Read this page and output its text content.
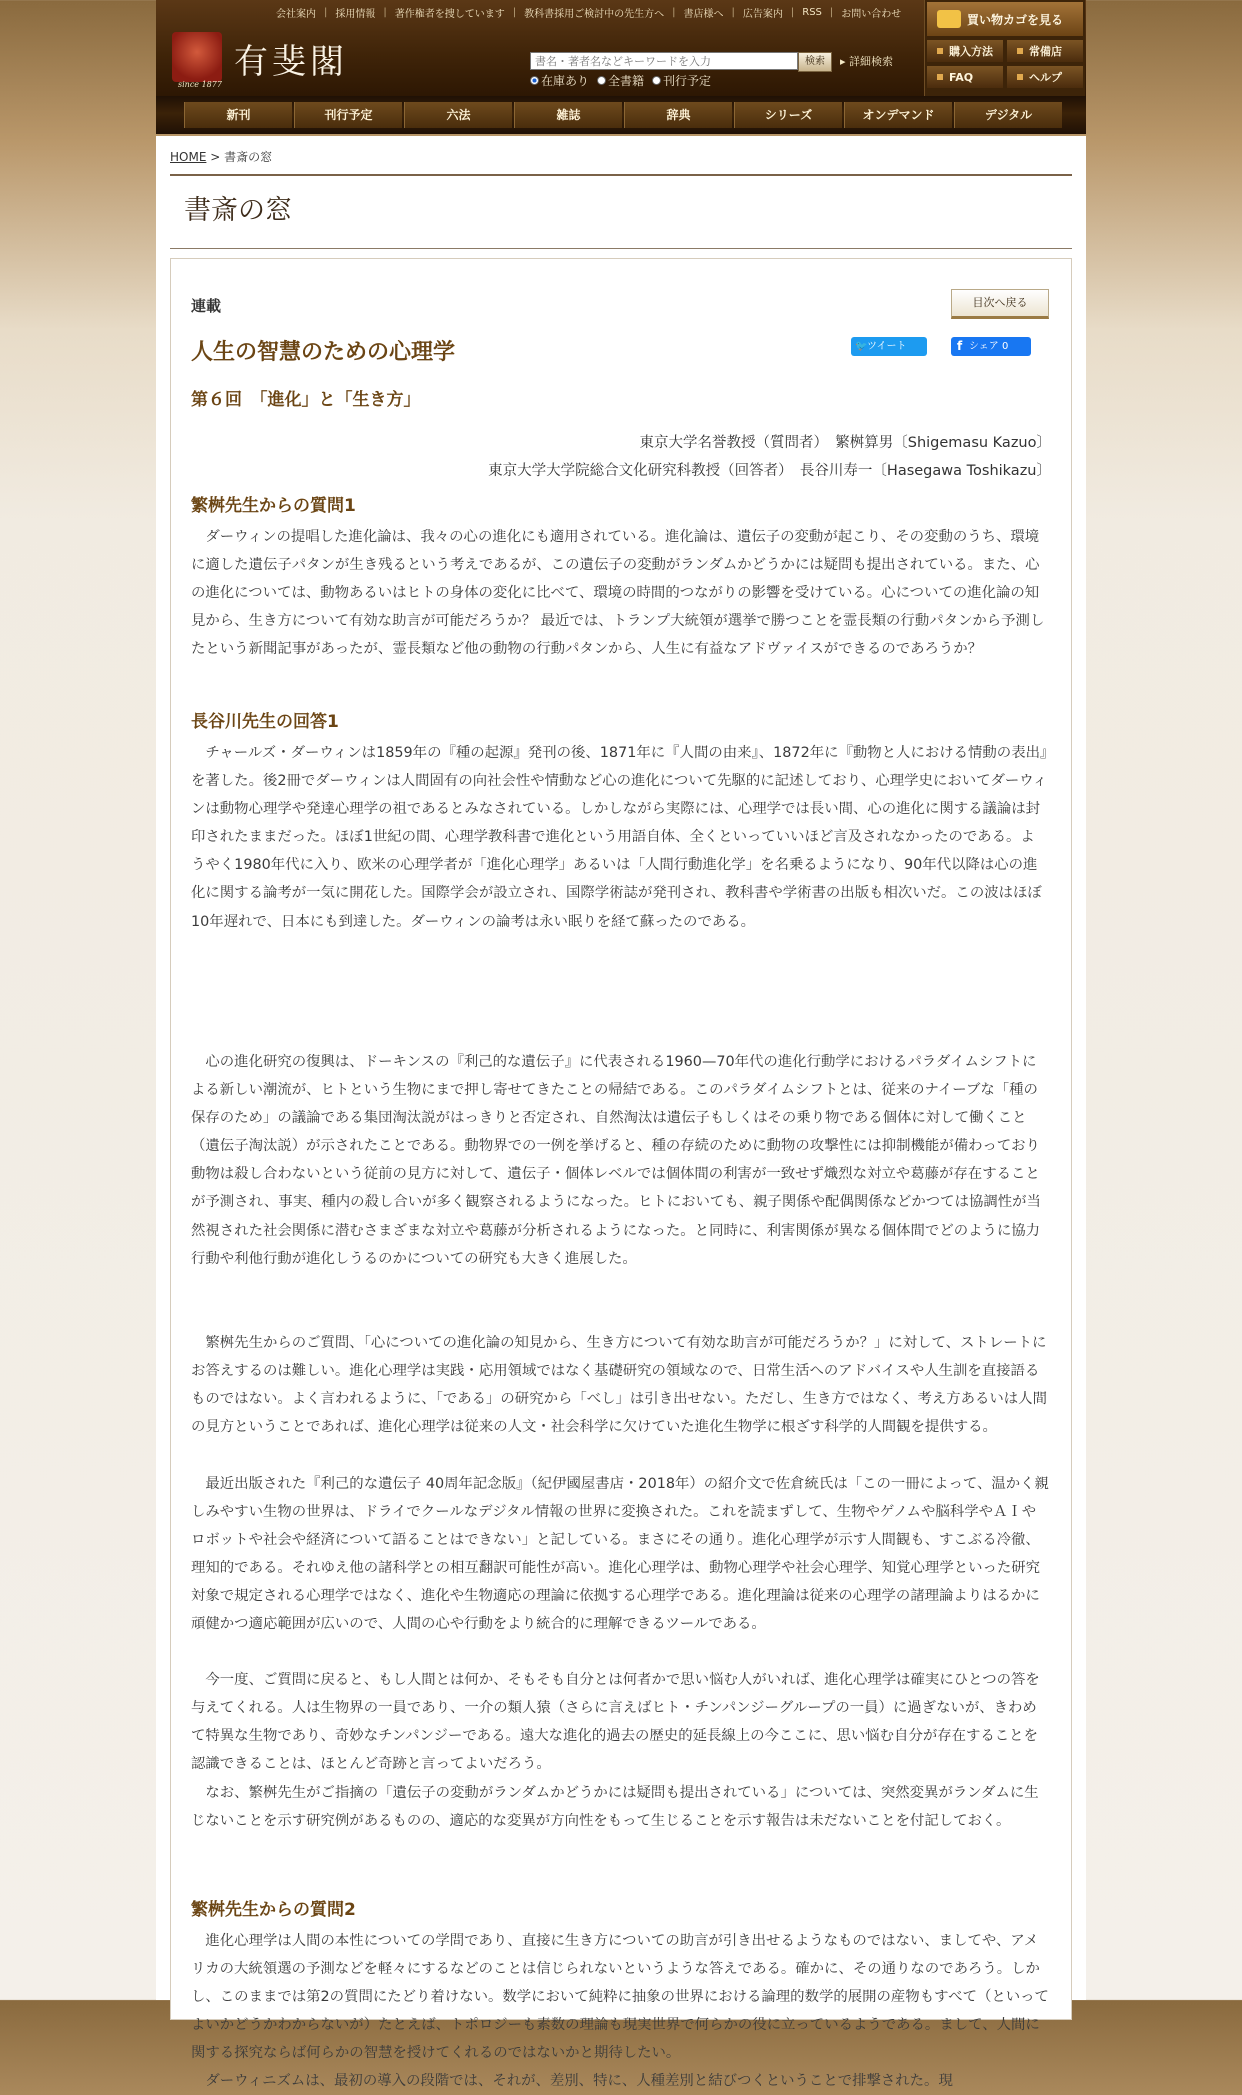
会社案内 | 採用情報 | 著作権者を捜しています | 教科書採用ご検討中の先生方へ | 書店様へ | 広告案内 | RSS | お問い合わせ
since 1877
有斐閣
書名・著者名などキーワードを入力	検索	▸ 詳細検索
在庫あり 全書籍 刊行予定
買い物カゴを見る
購入方法	常備店
FAQ	ヘルプ
新刊	刊行予定	六法	雑誌	辞典	シリーズ	オンデマンド	デジタル
HOME > 書斎の窓
書斎の窓
連載	目次へ戻る
人生の智慧のための心理学	🐦 ツイート	f シェア 0
第６回　「進化」と「生き方」
東京大学名誉教授（質問者）　繁桝算男〔Shigemasu Kazuo〕
東京大学大学院総合文化研究科教授（回答者）　長谷川寿一〔Hasegawa Toshikazu〕
繁桝先生からの質問1

ダーウィンの提唱した進化論は、我々の心の進化にも適用されている。進化論は、遺伝子の変動が起こり、その変動のうち、環境に適した遺伝子パタンが生き残るという考えであるが、この遺伝子の変動がランダムかどうかには疑問も提出されている。また、心の進化については、動物あるいはヒトの身体の変化に比べて、環境の時間的つながりの影響を受けている。心についての進化論の知見から、生き方について有効な助言が可能だろうか？ 最近では、トランプ大統領が選挙で勝つことを霊長類の行動パタンから予測したという新聞記事があったが、霊長類など他の動物の行動パタンから、人生に有益なアドヴァイスができるのであろうか？

長谷川先生の回答1

チャールズ・ダーウィンは1859年の『種の起源』発刊の後、1871年に『人間の由来』、1872年に『動物と人における情動の表出』を著した。後2冊でダーウィンは人間固有の向社会性や情動など心の進化について先駆的に記述しており、心理学史においてダーウィンは動物心理学や発達心理学の祖であるとみなされている。しかしながら実際には、心理学では長い間、心の進化に関する議論は封印されたままだった。ほぼ1世紀の間、心理学教科書で進化という用語自体、全くといっていいほど言及されなかったのである。ようやく1980年代に入り、欧米の心理学者が「進化心理学」あるいは「人間行動進化学」を名乗るようになり、90年代以降は心の進化に関する論考が一気に開花した。国際学会が設立され、国際学術誌が発刊され、教科書や学術書の出版も相次いだ。この波はほぼ10年遅れで、日本にも到達した。ダーウィンの論考は永い眠りを経て蘇ったのである。

心の進化研究の復興は、ドーキンスの『利己的な遺伝子』に代表される1960—70年代の進化行動学におけるパラダイムシフトによる新しい潮流が、ヒトという生物にまで押し寄せてきたことの帰結である。このパラダイムシフトとは、従来のナイーブな「種の保存のため」の議論である集団淘汰説がはっきりと否定され、自然淘汰は遺伝子もしくはその乗り物である個体に対して働くこと（遺伝子淘汰説）が示されたことである。動物界での一例を挙げると、種の存続のために動物の攻撃性には抑制機能が備わっており動物は殺し合わないという従前の見方に対して、遺伝子・個体レベルでは個体間の利害が一致せず熾烈な対立や葛藤が存在することが予測され、事実、種内の殺し合いが多く観察されるようになった。ヒトにおいても、親子関係や配偶関係などかつては協調性が当然視された社会関係に潜むさまざまな対立や葛藤が分析されるようになった。と同時に、利害関係が異なる個体間でどのように協力行動や利他行動が進化しうるのかについての研究も大きく進展した。

繁桝先生からのご質問、「心についての進化論の知見から、生き方について有効な助言が可能だろうか？」に対して、ストレートにお答えするのは難しい。進化心理学は実践・応用領域ではなく基礎研究の領域なので、日常生活へのアドバイスや人生訓を直接語るものではない。よく言われるように、「である」の研究から「べし」は引き出せない。ただし、生き方ではなく、考え方あるいは人間の見方ということであれば、進化心理学は従来の人文・社会科学に欠けていた進化生物学に根ざす科学的人間観を提供する。

最近出版された『利己的な遺伝子 40周年記念版』（紀伊國屋書店・2018年）の紹介文で佐倉統氏は「この一冊によって、温かく親しみやすい生物の世界は、ドライでクールなデジタル情報の世界に変換された。これを読まずして、生物やゲノムや脳科学やＡＩやロボットや社会や経済について語ることはできない」と記している。まさにその通り。進化心理学が示す人間観も、すこぶる冷徹、理知的である。それゆえ他の諸科学との相互翻訳可能性が高い。進化心理学は、動物心理学や社会心理学、知覚心理学といった研究対象で規定される心理学ではなく、進化や生物適応の理論に依拠する心理学である。進化理論は従来の心理学の諸理論よりはるかに頑健かつ適応範囲が広いので、人間の心や行動をより統合的に理解できるツールである。

今一度、ご質問に戻ると、もし人間とは何か、そもそも自分とは何者かで思い悩む人がいれば、進化心理学は確実にひとつの答を与えてくれる。人は生物界の一員であり、一介の類人猿（さらに言えばヒト・チンパンジーグループの一員）に過ぎないが、きわめて特異な生物であり、奇妙なチンパンジーである。遠大な進化的過去の歴史的延長線上の今ここに、思い悩む自分が存在することを認識できることは、ほとんど奇跡と言ってよいだろう。

なお、繁桝先生がご指摘の「遺伝子の変動がランダムかどうかには疑問も提出されている」については、突然変異がランダムに生じないことを示す研究例があるものの、適応的な変異が方向性をもって生じることを示す報告は未だないことを付記しておく。

繁桝先生からの質問2

進化心理学は人間の本性についての学問であり、直接に生き方についての助言が引き出せるようなものではない、ましてや、アメリカの大統領選の予測などを軽々にするなどのことは信じられないというような答えである。確かに、その通りなのであろう。しかし、このままでは第2の質問にたどり着けない。数学において純粋に抽象の世界における論理的数学的展開の産物もすべて（といってよいかどうかわからないが）たとえば、トポロジーも素数の理論も現実世界で何らかの役に立っているようである。まして、人間に関する探究ならば何らかの智慧を授けてくれるのではないかと期待したい。

ダーウィニズムは、最初の導入の段階では、それが、差別、特に、人種差別と結びつくということで排撃された。現
